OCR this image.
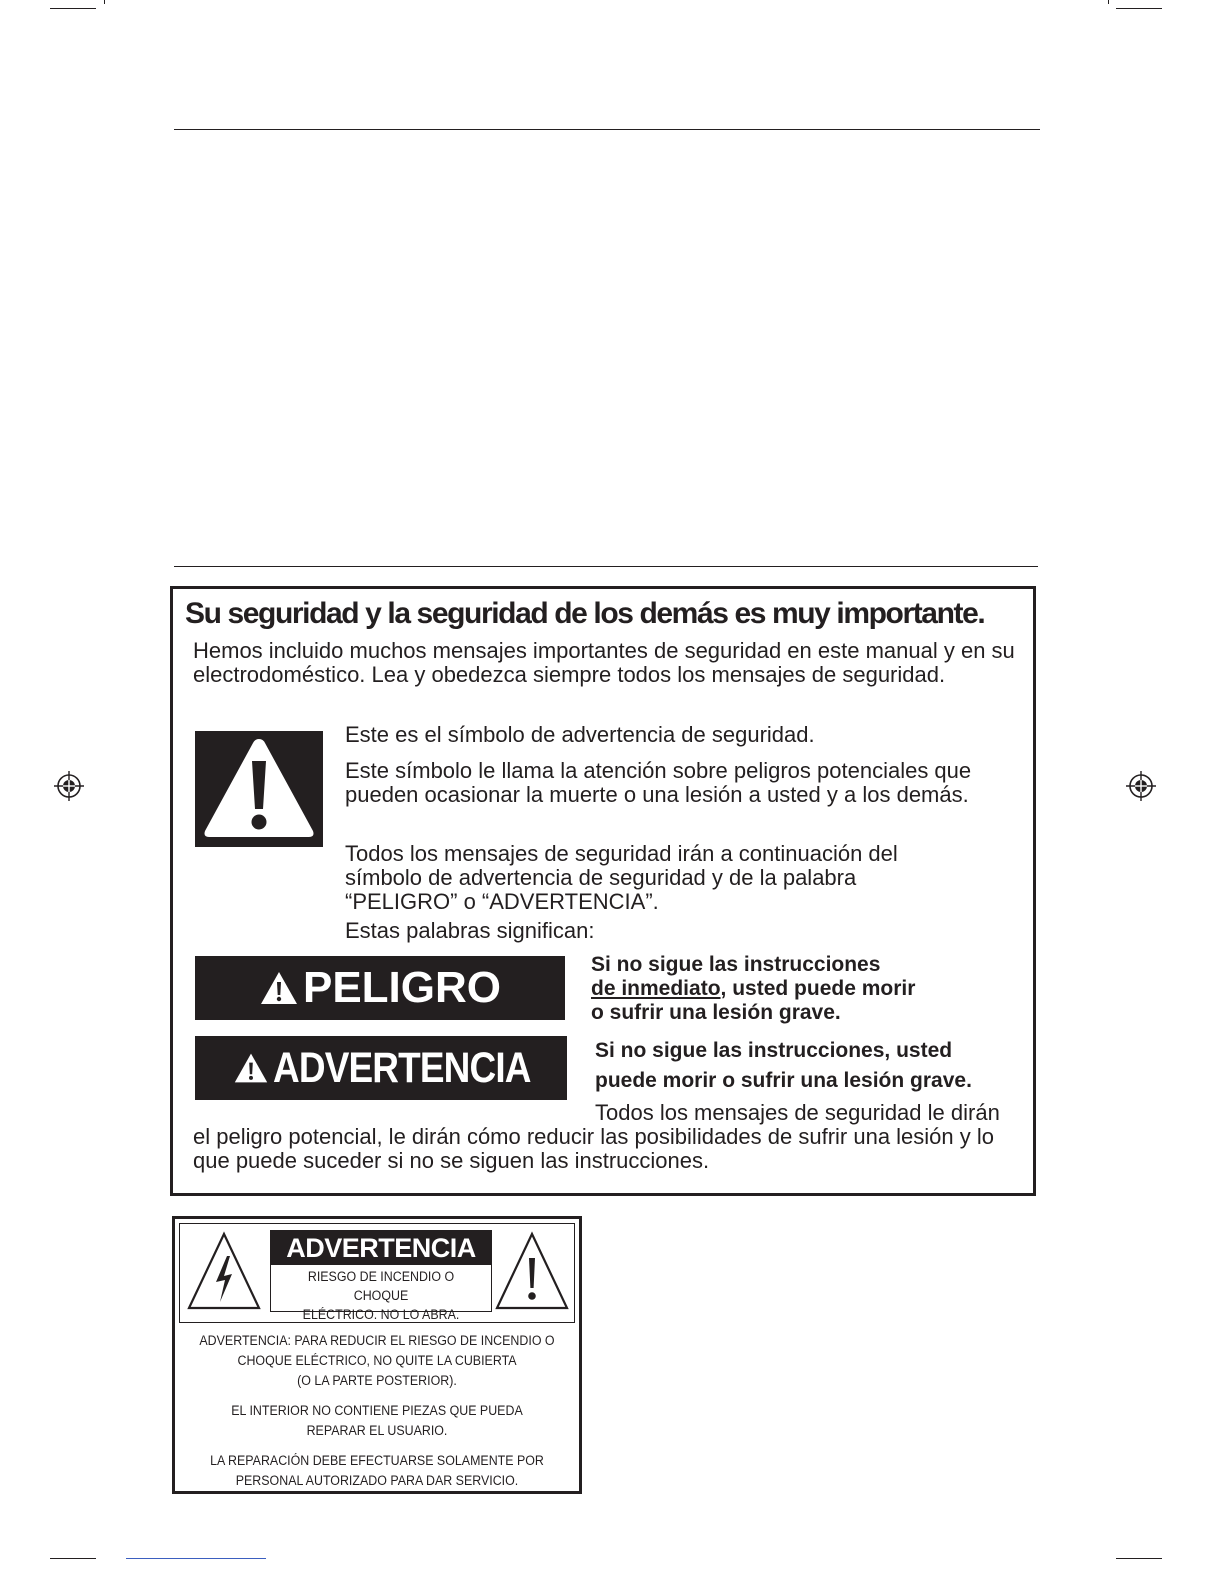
Su seguridad y la seguridad de los demás es muy importante.

Hemos incluido muchos mensajes importantes de seguridad en este manual y en su electrodoméstico. Lea y obedezca siempre todos los mensajes de seguridad.

Este es el símbolo de advertencia de seguridad.

Este símbolo le llama la atención sobre peligros potenciales que pueden ocasionar la muerte o una lesión a usted y a los demás.

Todos los mensajes de seguridad irán a continuación del símbolo de advertencia de seguridad y de la palabra “PELIGRO” o “ADVERTENCIA”.

Estas palabras significan:

PELIGRO	Si no sigue las instrucciones
de inmediato, usted puede morir
o sufrir una lesión grave.

ADVERTENCIA	Si no sigue las instrucciones, usted
puede morir o sufrir una lesión grave.

Todos los mensajes de seguridad le dirán el peligro potencial, le dirán cómo reducir las posibilidades de sufrir una lesión y lo que puede suceder si no se siguen las instrucciones.

ADVERTENCIA
RIESGO DE INCENDIO O CHOQUE
ELÉCTRICO. NO LO ABRA.

ADVERTENCIA: PARA REDUCIR EL RIESGO DE INCENDIO O
CHOQUE ELÉCTRICO, NO QUITE LA CUBIERTA
(O LA PARTE POSTERIOR).

EL INTERIOR NO CONTIENE PIEZAS QUE PUEDA
REPARAR EL USUARIO.

LA REPARACIÓN DEBE EFECTUARSE SOLAMENTE POR
PERSONAL AUTORIZADO PARA DAR SERVICIO.
